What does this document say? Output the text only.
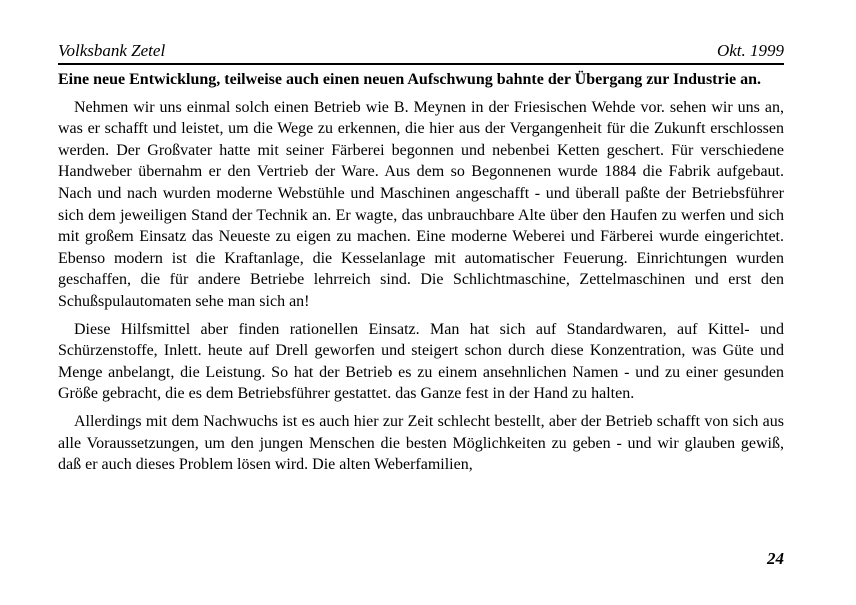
Volksbank Zetel	Okt. 1999

Eine neue Entwicklung, teilweise auch einen neuen Aufschwung bahnte der Übergang zur Industrie an.

Nehmen wir uns einmal solch einen Betrieb wie B. Meynen in der Friesischen Wehde vor. sehen wir uns an, was er schafft und leistet, um die Wege zu erkennen, die hier aus der Vergangenheit für die Zukunft erschlossen werden. Der Großvater hatte mit seiner Färberei begonnen und nebenbei Ketten geschert. Für verschiedene Handweber übernahm er den Vertrieb der Ware. Aus dem so Begonnenen wurde 1884 die Fabrik aufgebaut. Nach und nach wurden moderne Webstühle und Maschinen angeschafft - und überall paßte der Betriebsführer sich dem jeweiligen Stand der Technik an. Er wagte, das unbrauchbare Alte über den Haufen zu werfen und sich mit großem Einsatz das Neueste zu eigen zu machen. Eine moderne Weberei und Färberei wurde eingerichtet. Ebenso modern ist die Kraftanlage, die Kesselanlage mit automatischer Feuerung. Einrichtungen wurden geschaffen, die für andere Betriebe lehrreich sind. Die Schlichtmaschine, Zettelmaschinen und erst den Schußspulautomaten sehe man sich an!

Diese Hilfsmittel aber finden rationellen Einsatz. Man hat sich auf Standardwaren, auf Kittel- und Schürzenstoffe, Inlett. heute auf Drell geworfen und steigert schon durch diese Konzentration, was Güte und Menge anbelangt, die Leistung. So hat der Betrieb es zu einem ansehnlichen Namen - und zu einer gesunden Größe gebracht, die es dem Betriebsführer gestattet. das Ganze fest in der Hand zu halten.

Allerdings mit dem Nachwuchs ist es auch hier zur Zeit schlecht bestellt, aber der Betrieb schafft von sich aus alle Voraussetzungen, um den jungen Menschen die besten Möglichkeiten zu geben - und wir glauben gewiß, daß er auch dieses Problem lösen wird. Die alten Weberfamilien,

24
